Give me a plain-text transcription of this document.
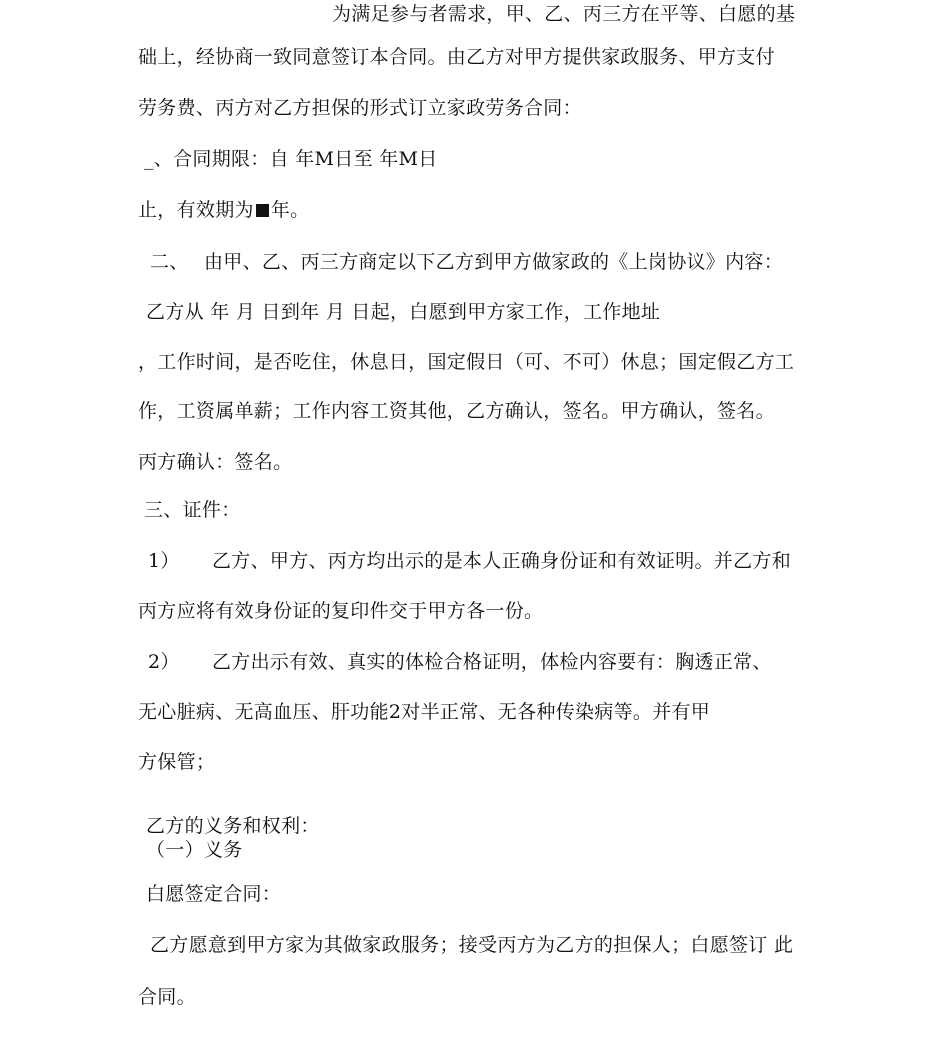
为满足参与者需求，甲、乙、丙三方在平等、白愿的基
础上，经协商一致同意签订本合同。由乙方对甲方提供家政服务、甲方支付
劳务费、丙方对乙方担保的形式订立家政劳务合同：
_、合同期限：自 年M日至 年M日
止，有效期为 年。
二、 由甲、乙、丙三方商定以下乙方到甲方做家政的《上岗协议》内容：
乙方从 年 月 日到年 月 日起，白愿到甲方家工作，工作地址
，工作时间，是否吃住，休息日，国定假日（可、不可）休息；国定假乙方工
作，工资属单薪；工作内容工资其他，乙方确认，签名。甲方确认，签名。
丙方确认：签名。
三、证件：
1） 乙方、甲方、丙方均出示的是本人正确身份证和有效证明。并乙方和
丙方应将有效身份证的复印件交于甲方各一份。
2） 乙方出示有效、真实的体检合格证明，体检内容要有：胸透正常、
无心脏病、无高血压、肝功能2对半正常、无各种传染病等。并有甲
方保管；
乙方的义务和权利：
（一）义务
白愿签定合同：
乙方愿意到甲方家为其做家政服务；接受丙方为乙方的担保人；白愿签订 此
合同。
